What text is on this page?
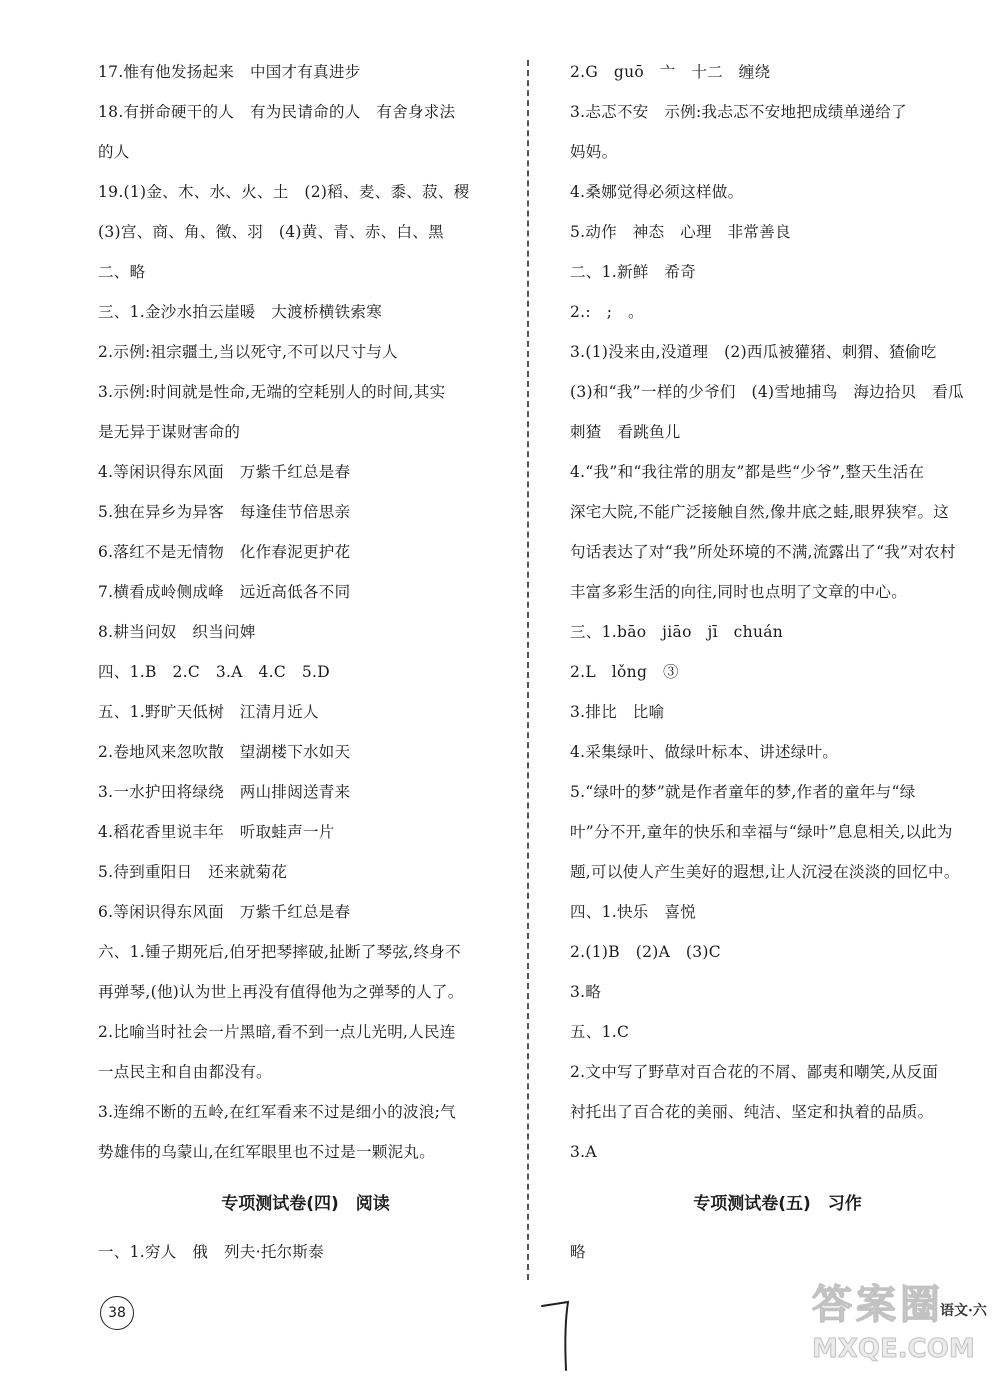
17.惟有他发扬起来　中国才有真进步
18.有拼命硬干的人　有为民请命的人　有舍身求法
的人
19.(1)金、木、水、火、土　(2)稻、麦、黍、菽、稷
(3)宫、商、角、徵、羽　(4)黄、青、赤、白、黑
二、略
三、1.金沙水拍云崖暖　大渡桥横铁索寒
2.示例:祖宗疆土,当以死守,不可以尺寸与人
3.示例:时间就是性命,无端的空耗别人的时间,其实
是无异于谋财害命的
4.等闲识得东风面　万紫千红总是春
5.独在异乡为异客　每逢佳节倍思亲
6.落红不是无情物　化作春泥更护花
7.横看成岭侧成峰　远近高低各不同
8.耕当问奴　织当问婢
四、1.B　2.C　3.A　4.C　5.D
五、1.野旷天低树　江清月近人
2.卷地风来忽吹散　望湖楼下水如天
3.一水护田将绿绕　两山排闼送青来
4.稻花香里说丰年　听取蛙声一片
5.待到重阳日　还来就菊花
6.等闲识得东风面　万紫千红总是春
六、1.锺子期死后,伯牙把琴摔破,扯断了琴弦,终身不
再弹琴,(他)认为世上再没有值得他为之弹琴的人了。
2.比喻当时社会一片黑暗,看不到一点儿光明,人民连
一点民主和自由都没有。
3.连绵不断的五岭,在红军看来不过是细小的波浪;气
势雄伟的乌蒙山,在红军眼里也不过是一颗泥丸。
专项测试卷(四)　阅读
一、1.穷人　俄　列夫·托尔斯泰
2.G　guō　亠　十二　缠绕
3.忐忑不安　示例:我忐忑不安地把成绩单递给了
妈妈。
4.桑娜觉得必须这样做。
5.动作　神态　心理　非常善良
二、1.新鲜　希奇
2.:　;　。
3.(1)没来由,没道理　(2)西瓜被獾猪、刺猬、猹偷吃
(3)和“我”一样的少爷们　(4)雪地捕鸟　海边拾贝　看瓜
刺猹　看跳鱼儿
4.“我”和“我往常的朋友”都是些“少爷”,整天生活在
深宅大院,不能广泛接触自然,像井底之蛙,眼界狭窄。这
句话表达了对“我”所处环境的不满,流露出了“我”对农村
丰富多彩生活的向往,同时也点明了文章的中心。
三、1.bāo　jiāo　jī　chuán
2.L　lǒng　③
3.排比　比喻
4.采集绿叶、做绿叶标本、讲述绿叶。
5.“绿叶的梦”就是作者童年的梦,作者的童年与“绿
叶”分不开,童年的快乐和幸福与“绿叶”息息相关,以此为
题,可以使人产生美好的遐想,让人沉浸在淡淡的回忆中。
四、1.快乐　喜悦
2.(1)B　(2)A　(3)C
3.略
五、1.C
2.文中写了野草对百合花的不屑、鄙夷和嘲笑,从反面
衬托出了百合花的美丽、纯洁、坚定和执着的品质。
3.A
专项测试卷(五)　习作
略
38	语文·六
答案圈
MXQE.COM
